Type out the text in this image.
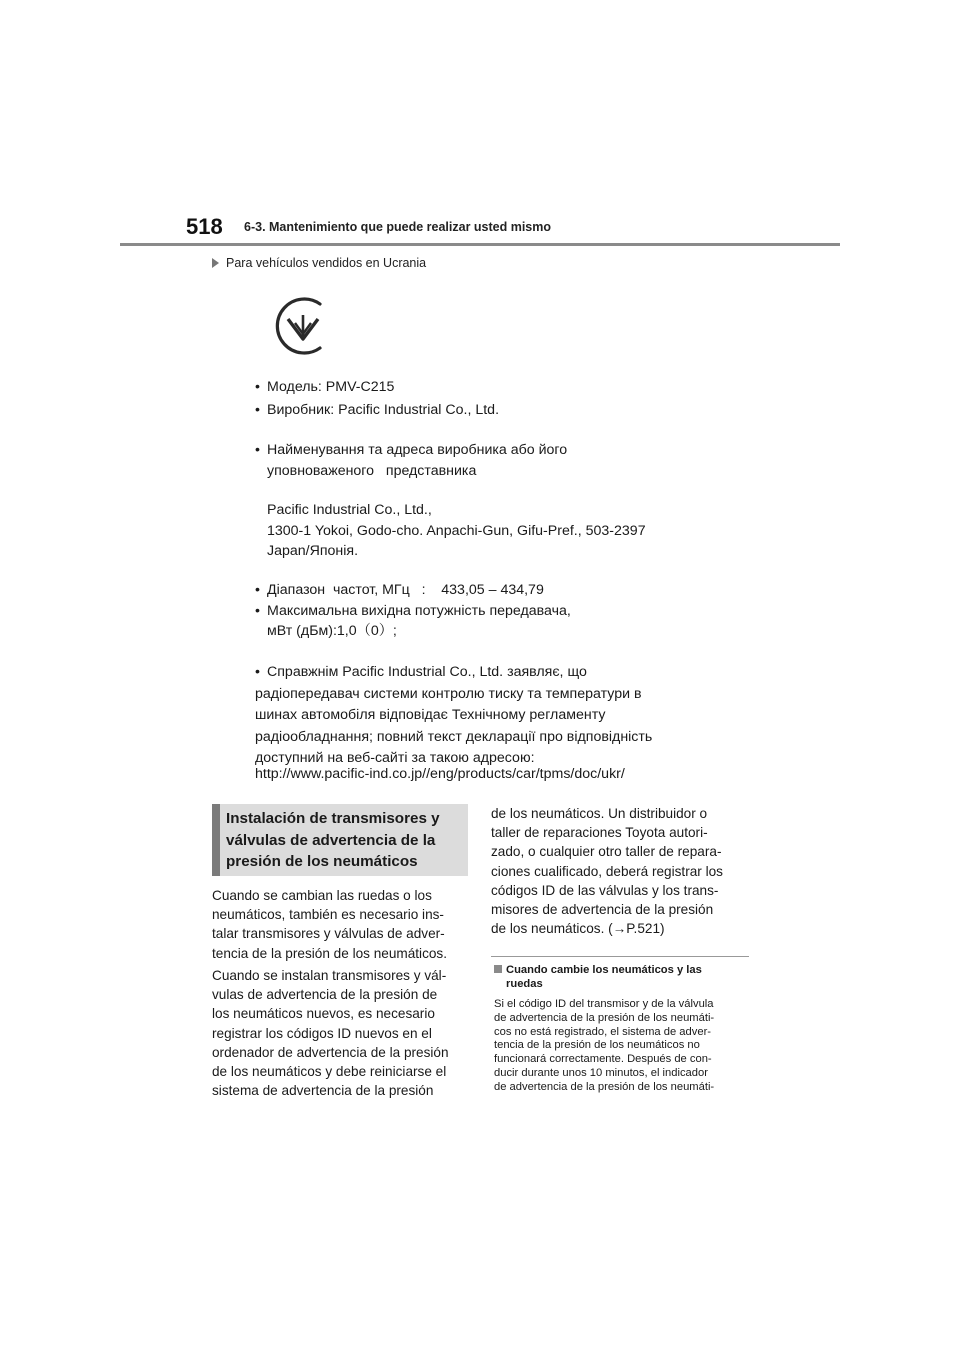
518 6-3. Mantenimiento que puede realizar usted mismo
Para vehículos vendidos en Ucrania
• Модель: PMV-C215
• Виробник: Pacific Industrial Co., Ltd.
• Найменування та адреса виробника або його
уповноваженого   представника
Pacific Industrial Co., Ltd.,
1300-1 Yokoi, Godo-cho. Anpachi-Gun, Gifu-Pref., 503-2397
Japan/Японія.
• Діапазон  частот, МГц   :    433,05 – 434,79
• Максимальна вихідна потужність передавача,
мВт (дБм):1,0（0）;
• Справжнім Pacific Industrial Co., Ltd. заявляє, що
радіопередавач системи контролю тиску та температури в
шинах автомобіля відповідає Технічному регламенту
радіообладнання; повний текст декларації про відповідність
доступний на веб-сайті за такою адресою:
http://www.pacific-ind.co.jp//eng/products/car/tpms/doc/ukr/
Instalación de transmisores y
válvulas de advertencia de la
presión de los neumáticos
Cuando se cambian las ruedas o los
neumáticos, también es necesario ins-
talar transmisores y válvulas de adver-
tencia de la presión de los neumáticos.
Cuando se instalan transmisores y vál-
vulas de advertencia de la presión de
los neumáticos nuevos, es necesario
registrar los códigos ID nuevos en el
ordenador de advertencia de la presión
de los neumáticos y debe reiniciarse el
sistema de advertencia de la presión
de los neumáticos. Un distribuidor o
taller de reparaciones Toyota autori-
zado, o cualquier otro taller de repara-
ciones cualificado, deberá registrar los
códigos ID de las válvulas y los trans-
misores de advertencia de la presión
de los neumáticos. (→P.521)
Cuando cambie los neumáticos y las
ruedas
Si el código ID del transmisor y de la válvula
de advertencia de la presión de los neumáti-
cos no está registrado, el sistema de adver-
tencia de la presión de los neumáticos no
funcionará correctamente. Después de con-
ducir durante unos 10 minutos, el indicador
de advertencia de la presión de los neumáti-
